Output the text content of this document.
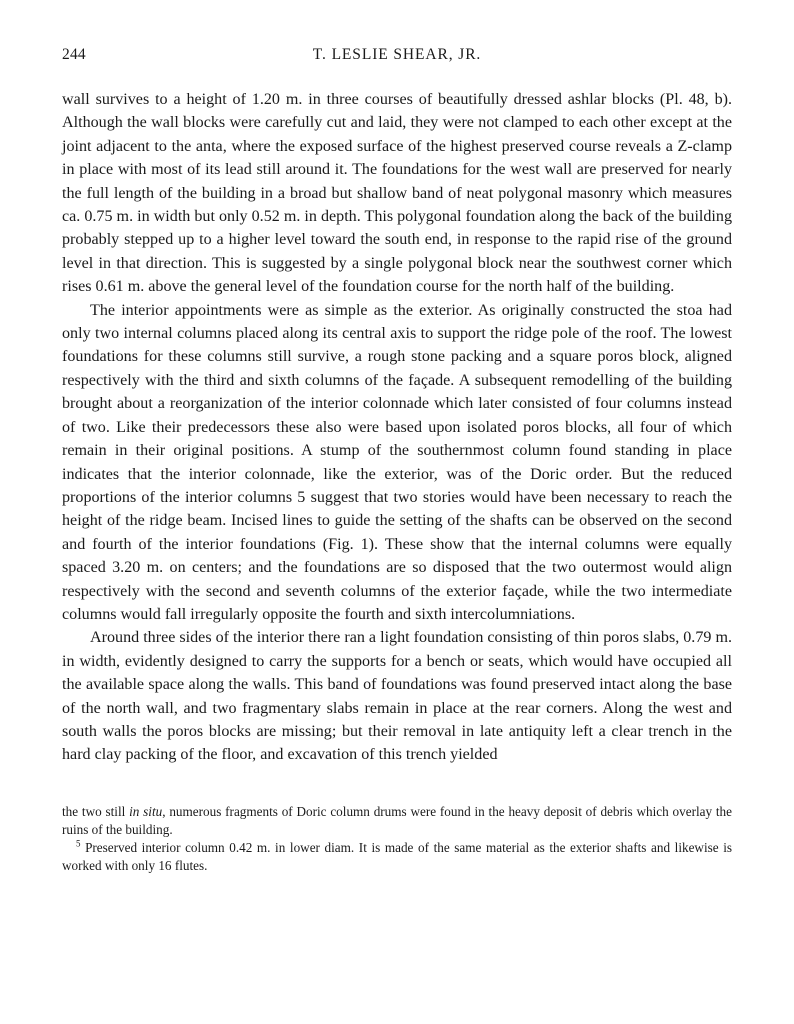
244	T. LESLIE SHEAR, JR.

wall survives to a height of 1.20 m. in three courses of beautifully dressed ashlar blocks (Pl. 48, b). Although the wall blocks were carefully cut and laid, they were not clamped to each other except at the joint adjacent to the anta, where the exposed surface of the highest preserved course reveals a Z-clamp in place with most of its lead still around it. The foundations for the west wall are preserved for nearly the full length of the building in a broad but shallow band of neat polygonal masonry which measures ca. 0.75 m. in width but only 0.52 m. in depth. This polygonal foundation along the back of the building probably stepped up to a higher level toward the south end, in response to the rapid rise of the ground level in that direction. This is suggested by a single polygonal block near the southwest corner which rises 0.61 m. above the general level of the foundation course for the north half of the building.

The interior appointments were as simple as the exterior. As originally constructed the stoa had only two internal columns placed along its central axis to support the ridge pole of the roof. The lowest foundations for these columns still survive, a rough stone packing and a square poros block, aligned respectively with the third and sixth columns of the façade. A subsequent remodelling of the building brought about a reorganization of the interior colonnade which later consisted of four columns instead of two. Like their predecessors these also were based upon isolated poros blocks, all four of which remain in their original positions. A stump of the southernmost column found standing in place indicates that the interior colonnade, like the exterior, was of the Doric order. But the reduced proportions of the interior columns 5 suggest that two stories would have been necessary to reach the height of the ridge beam. Incised lines to guide the setting of the shafts can be observed on the second and fourth of the interior foundations (Fig. 1). These show that the internal columns were equally spaced 3.20 m. on centers; and the foundations are so disposed that the two outermost would align respectively with the second and seventh columns of the exterior façade, while the two intermediate columns would fall irregularly opposite the fourth and sixth intercolumniations.

Around three sides of the interior there ran a light foundation consisting of thin poros slabs, 0.79 m. in width, evidently designed to carry the supports for a bench or seats, which would have occupied all the available space along the walls. This band of foundations was found preserved intact along the base of the north wall, and two fragmentary slabs remain in place at the rear corners. Along the west and south walls the poros blocks are missing; but their removal in late antiquity left a clear trench in the hard clay packing of the floor, and excavation of this trench yielded

the two still in situ, numerous fragments of Doric column drums were found in the heavy deposit of debris which overlay the ruins of the building.

$^5$ Preserved interior column 0.42 m. in lower diam. It is made of the same material as the exterior shafts and likewise is worked with only 16 flutes.
